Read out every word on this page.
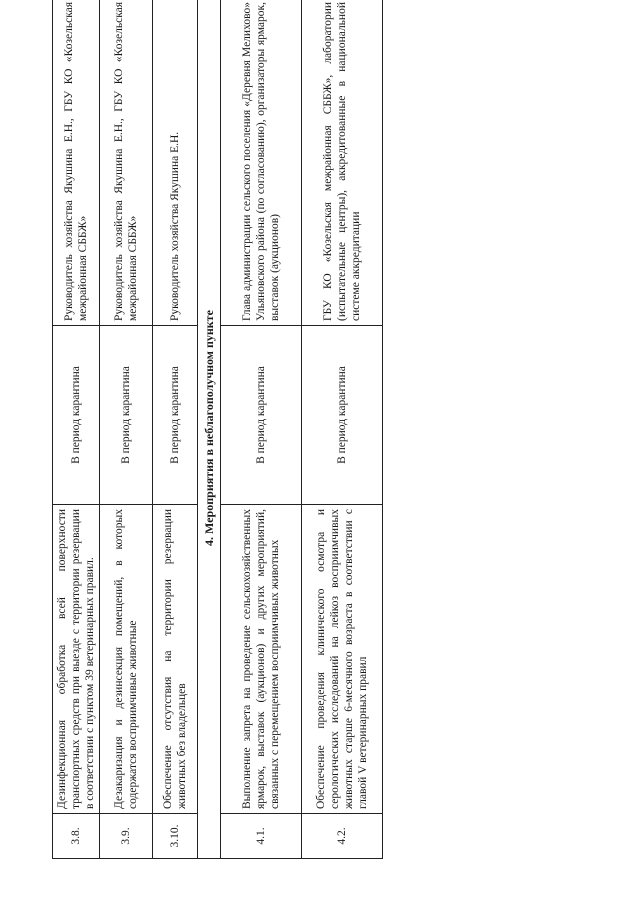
3.8.	Дезинфекционная обработка всей поверхности транспортных средств при выезде с территории резервации в соответствии с пунктом 39 ветеринарных правил.	В период карантина	Руководитель хозяйства Якушина Е.Н., ГБУ КО «Козельская межрайонная СББЖ»
3.9.	Дезакаризация и дезинсекция помещений, в которых содержатся восприимчивые животные	В период карантина	Руководитель хозяйства Якушина Е.Н., ГБУ КО «Козельская межрайонная СББЖ»
3.10.	Обеспечение отсутствия на территории резервации животных без владельцев	В период карантина	Руководитель хозяйства Якушина Е.Н.
4. Мероприятия в неблагополучном пункте			
4.1.	Выполнение запрета на проведение сельскохозяйственных ярмарок, выставок (аукционов) и других мероприятий, связанных с перемещением восприимчивых животных	В период карантина	Глава администрации сельского поселения «Деревня Мелихово» Ульяновского района (по согласованию), организаторы ярмарок, выставок (аукционов)
4.2.	Обеспечение проведения клинического осмотра и серологических исследований на лейкоз восприимчивых животных старше 6-месячного возраста в соответствии с главой V ветеринарных правил	В период карантина	ГБУ КО «Козельская межрайонная СББЖ», лаборатории (испытательные центры), аккредитованные в национальной системе аккредитации
